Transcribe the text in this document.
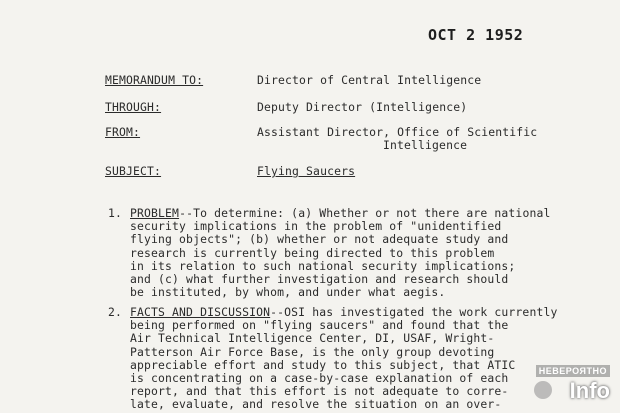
OCT 2 1952
MEMORANDUM TO:	Director of Central Intelligence
THROUGH:	Deputy Director (Intelligence)
FROM:	Assistant Director, Office of Scientific
Intelligence
SUBJECT:	Flying Saucers
1. PROBLEM--To determine: (a) Whether or not there are national
security implications in the problem of "unidentified
flying objects"; (b) whether or not adequate study and
research is currently being directed to this problem
in its relation to such national security implications;
and (c) what further investigation and research should
be instituted, by whom, and under what aegis.
2. FACTS AND DISCUSSION--OSI has investigated the work currently
being performed on "flying saucers" and found that the
Air Technical Intelligence Center, DI, USAF, Wright-
Patterson Air Force Base, is the only group devoting
appreciable effort and study to this subject, that ATIC
is concentrating on a case-by-case explanation of each
report, and that this effort is not adequate to corre-
late, evaluate, and resolve the situation on an over-
НЕВЕРОЯТНО
Info
